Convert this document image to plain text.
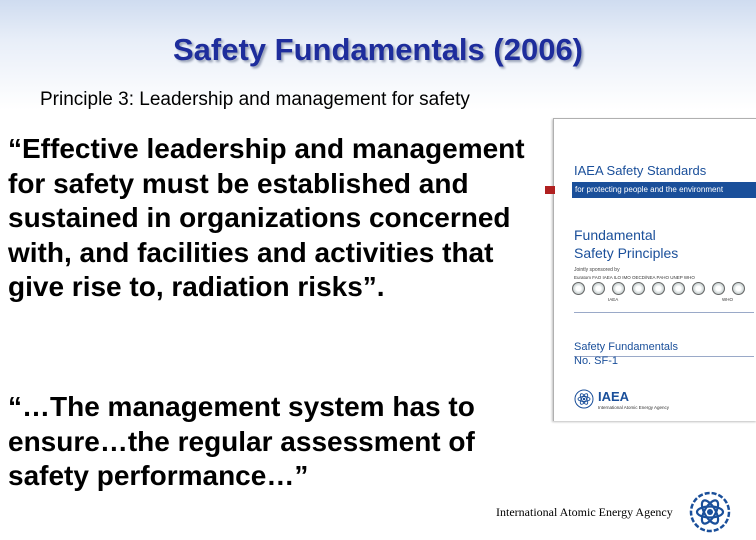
Safety Fundamentals (2006)
Principle 3: Leadership and management for safety

“Effective leadership and management for safety must be established and sustained in organizations concerned with, and facilities and activities that give rise to, radiation risks”.

“…The management system has to ensure…the regular assessment of safety performance…”

IAEA Safety Standards
for protecting people and the environment
Fundamental
Safety Principles
Jointly sponsored by
Euratom FAO IAEA ILO IMO OECD/NEA PAHO UNEP WHO
IAEA	WHO
Safety Fundamentals
No. SF-1
IAEA
International Atomic Energy Agency
International Atomic Energy Agency
